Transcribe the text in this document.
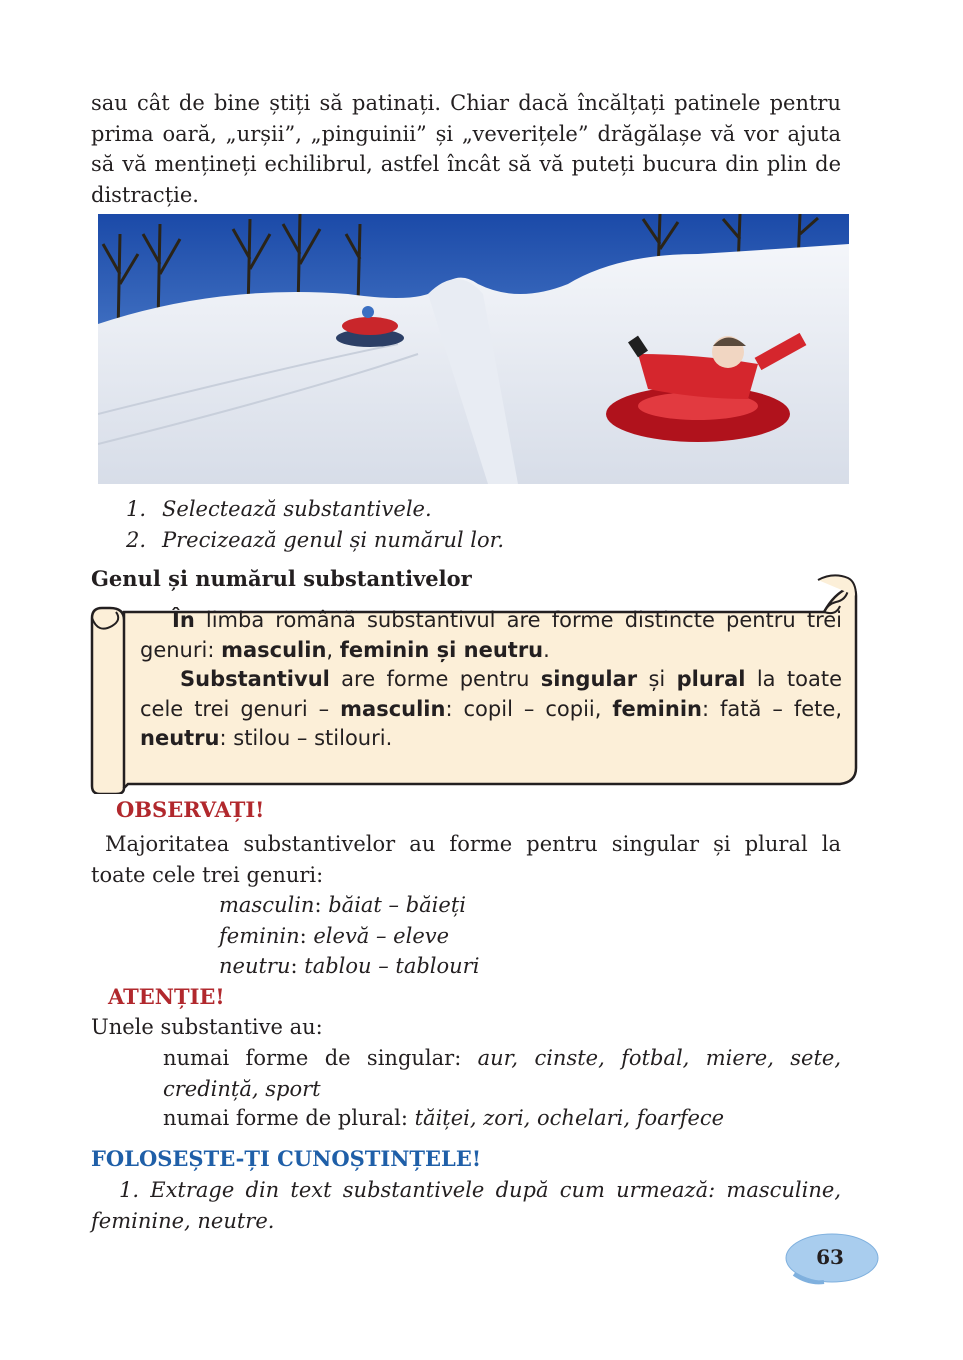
sau cât de bine știți să patinați. Chiar dacă încălțați patinele pentru prima oară, „urșii”, „pinguinii” și „veverițele” drăgălașe vă vor ajuta să vă mențineți echilibrul, astfel încât să vă puteți bucura din plin de distracție.
1. Selectează substantivele.
2. Precizează genul și numărul lor.
Genul și numărul substantivelor
În limba română substantivul are forme distincte pentru trei genuri: masculin, feminin și neutru.
Substantivul are forme pentru singular și plural la toate cele trei genuri – masculin: copil – copii, feminin: fată – fete, neutru: stilou – stilouri.
OBSERVAȚI!
Majoritatea substantivelor au forme pentru singular și plural la toate cele trei genuri:
masculin: băiat – băieți
feminin: elevă – eleve
neutru: tablou – tablouri
ATENȚIE!
Unele substantive au:
numai forme de singular: aur, cinste, fotbal, miere, sete, credință, sport
numai forme de plural: tăiței, zori, ochelari, foarfece
FOLOSEȘTE-ȚI CUNOȘTINȚELE!
1. Extrage din text substantivele după cum urmează: masculine, feminine, neutre.
63
